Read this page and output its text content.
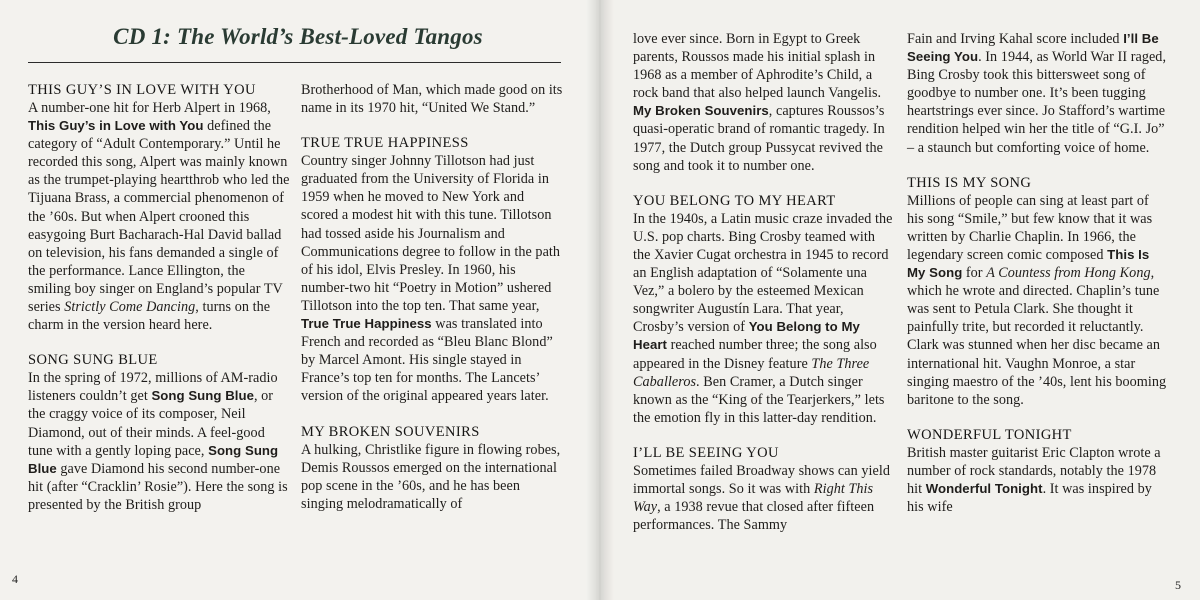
CD 1: The World’s Best-Loved Tangos
THIS GUY’S IN LOVE WITH YOU

A number-one hit for Herb Alpert in 1968, This Guy’s in Love with You defined the category of “Adult Contemporary.” Until he recorded this song, Alpert was mainly known as the trumpet-playing heartthrob who led the Tijuana Brass, a commercial phenomenon of the ’60s. But when Alpert crooned this easygoing Burt Bacharach-Hal David ballad on television, his fans demanded a single of the performance. Lance Ellington, the smiling boy singer on England’s popular TV series Strictly Come Dancing, turns on the charm in the version heard here.

SONG SUNG BLUE

In the spring of 1972, millions of AM-radio listeners couldn’t get Song Sung Blue, or the craggy voice of its composer, Neil Diamond, out of their minds. A feel-good tune with a gently loping pace, Song Sung Blue gave Diamond his second number-one hit (after “Cracklin’ Rosie”). Here the song is presented by the British group

Brotherhood of Man, which made good on its name in its 1970 hit, “United We Stand.”

TRUE TRUE HAPPINESS

Country singer Johnny Tillotson had just graduated from the University of Florida in 1959 when he moved to New York and scored a modest hit with this tune. Tillotson had tossed aside his Journalism and Communications degree to follow in the path of his idol, Elvis Presley. In 1960, his number-two hit “Poetry in Motion” ushered Tillotson into the top ten. That same year, True True Happiness was translated into French and recorded as “Bleu Blanc Blond” by Marcel Amont. His single stayed in France’s top ten for months. The Lancets’ version of the original appeared years later.

MY BROKEN SOUVENIRS

A hulking, Christlike figure in flowing robes, Demis Roussos emerged on the international pop scene in the ’60s, and he has been singing melodramatically of

4

love ever since. Born in Egypt to Greek parents, Roussos made his initial splash in 1968 as a member of Aphrodite’s Child, a rock band that also helped launch Vangelis. My Broken Souvenirs, captures Roussos’s quasi-operatic brand of romantic tragedy. In 1977, the Dutch group Pussycat revived the song and took it to number one.

YOU BELONG TO MY HEART

In the 1940s, a Latin music craze invaded the U.S. pop charts. Bing Crosby teamed with the Xavier Cugat orchestra in 1945 to record an English adaptation of “Solamente una Vez,” a bolero by the esteemed Mexican songwriter Augustín Lara. That year, Crosby’s version of You Belong to My Heart reached number three; the song also appeared in the Disney feature The Three Caballeros. Ben Cramer, a Dutch singer known as the “King of the Tearjerkers,” lets the emotion fly in this latter-day rendition.

I’LL BE SEEING YOU

Sometimes failed Broadway shows can yield immortal songs. So it was with Right This Way, a 1938 revue that closed after fifteen performances. The Sammy

Fain and Irving Kahal score included I’ll Be Seeing You. In 1944, as World War II raged, Bing Crosby took this bittersweet song of goodbye to number one. It’s been tugging heartstrings ever since. Jo Stafford’s wartime rendition helped win her the title of “G.I. Jo” – a staunch but comforting voice of home.

THIS IS MY SONG

Millions of people can sing at least part of his song “Smile,” but few know that it was written by Charlie Chaplin. In 1966, the legendary screen comic composed This Is My Song for A Countess from Hong Kong, which he wrote and directed. Chaplin’s tune was sent to Petula Clark. She thought it painfully trite, but recorded it reluctantly. Clark was stunned when her disc became an international hit. Vaughn Monroe, a star singing maestro of the ’40s, lent his booming baritone to the song.

WONDERFUL TONIGHT

British master guitarist Eric Clapton wrote a number of rock standards, notably the 1978 hit Wonderful Tonight. It was inspired by his wife

5
